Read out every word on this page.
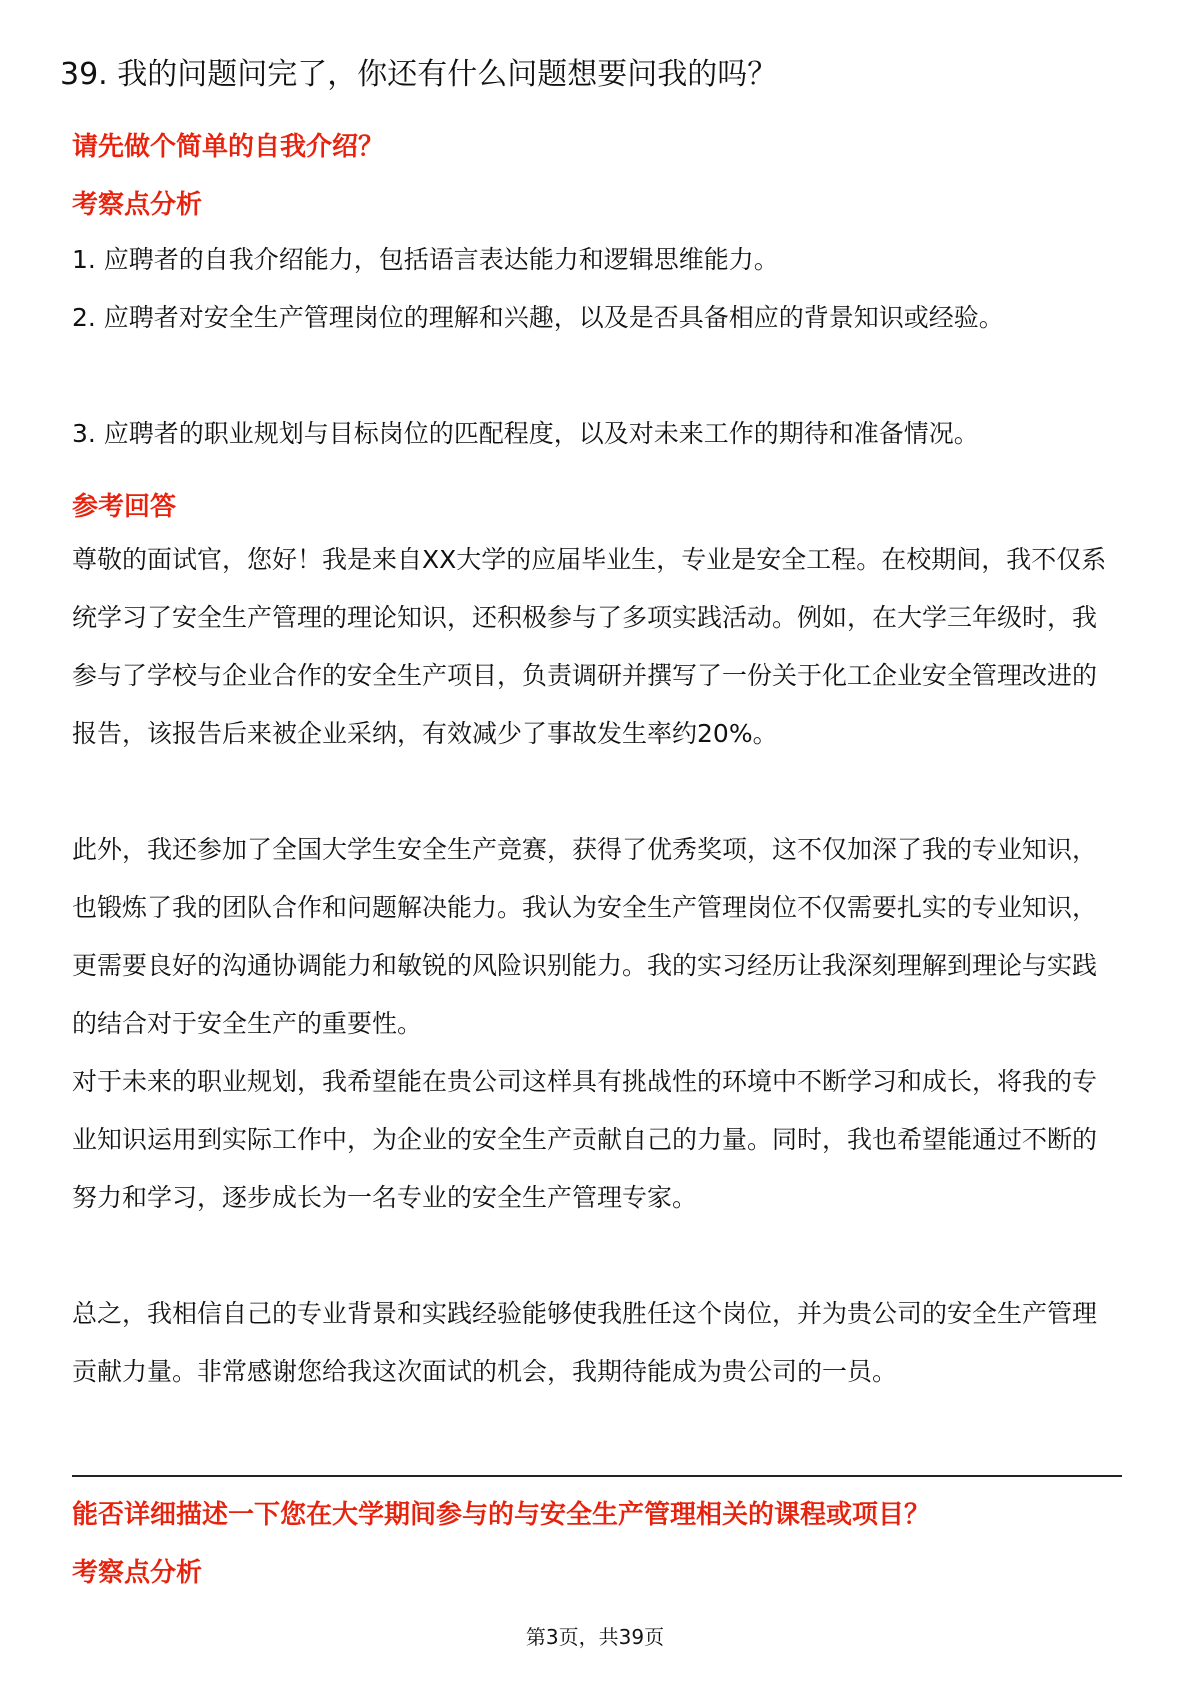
39. 我的问题问完了，你还有什么问题想要问我的吗？
请先做个简单的自我介绍？
考察点分析

1. 应聘者的自我介绍能力，包括语言表达能力和逻辑思维能力。

2. 应聘者对安全生产管理岗位的理解和兴趣，以及是否具备相应的背景知识或经验。

3. 应聘者的职业规划与目标岗位的匹配程度，以及对未来工作的期待和准备情况。

参考回答

尊敬的面试官，您好！我是来自XX大学的应届毕业生，专业是安全工程。在校期间，我不仅系统学习了安全生产管理的理论知识，还积极参与了多项实践活动。例如，在大学三年级时，我参与了学校与企业合作的安全生产项目，负责调研并撰写了一份关于化工企业安全管理改进的报告，该报告后来被企业采纳，有效减少了事故发生率约20%。

此外，我还参加了全国大学生安全生产竞赛，获得了优秀奖项，这不仅加深了我的专业知识，也锻炼了我的团队合作和问题解决能力。我认为安全生产管理岗位不仅需要扎实的专业知识，更需要良好的沟通协调能力和敏锐的风险识别能力。我的实习经历让我深刻理解到理论与实践的结合对于安全生产的重要性。

对于未来的职业规划，我希望能在贵公司这样具有挑战性的环境中不断学习和成长，将我的专业知识运用到实际工作中，为企业的安全生产贡献自己的力量。同时，我也希望能通过不断的努力和学习，逐步成长为一名专业的安全生产管理专家。

总之，我相信自己的专业背景和实践经验能够使我胜任这个岗位，并为贵公司的安全生产管理贡献力量。非常感谢您给我这次面试的机会，我期待能成为贵公司的一员。

能否详细描述一下您在大学期间参与的与安全生产管理相关的课程或项目？
考察点分析
第3页，共39页
